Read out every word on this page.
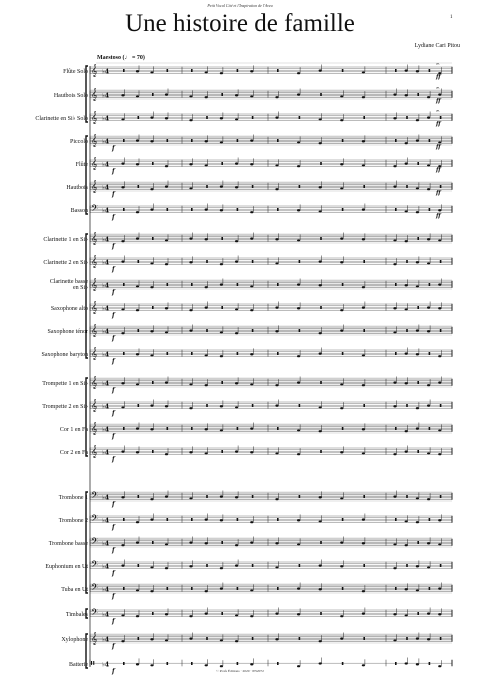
Petit Vocal Cité et l'Inspiration de l'Aveu
Une histoire de famille	1
Lydiane Cari Pitou
Maestoso (♩ = 70)
Flûte Solo
Hautbois Solo
Clarinette en Si♭ Solo
Piccolo
Flûte
Hautbois
Basson
Clarinette 1 en Si♭
Clarinette 2 en Si♭
Clarinette basse
en Si♭
Saxophone alto
Saxophone ténor
Saxophone baryton
Trompette 1 en Si♭
Trompette 2 en Si♭
Cor 1 en Fa
Cor 2 en Fa
Trombone 1
Trombone 2
Trombone basse
Euphonium en Ut
Tuba en Ut
Timbales
Xylophone
Batterie
𝄞 ♭4
ff
𝄐
𝄞 ♭4
ff
𝄐
𝄞 ♭4
ff
𝄐
𝄞 ♭4
f	ff
𝄞 ♭4
f	ff
𝄞 ♭4
f	ff
𝄢 ♭4
f	ff
𝄞 ♭4
f
𝄞 ♭4
f
𝄞 ♭4
f
𝄞 ♭4
f
𝄞 ♭4
f
𝄞 ♭4
f
𝄞 ♭4
f
𝄞 ♭4
f
𝄞 ♭4
f
𝄞 ♭4
f
𝄢 ♭4
f
𝄢 ♭4
f
𝄢 ♭4
f
𝄢 ♭4
f
𝄢 ♭4
f
𝄢 ♭4
f
𝄞 ♭4
f
𝄥 ♭4
f	© Profs Éditions · 2020 · PN2072
